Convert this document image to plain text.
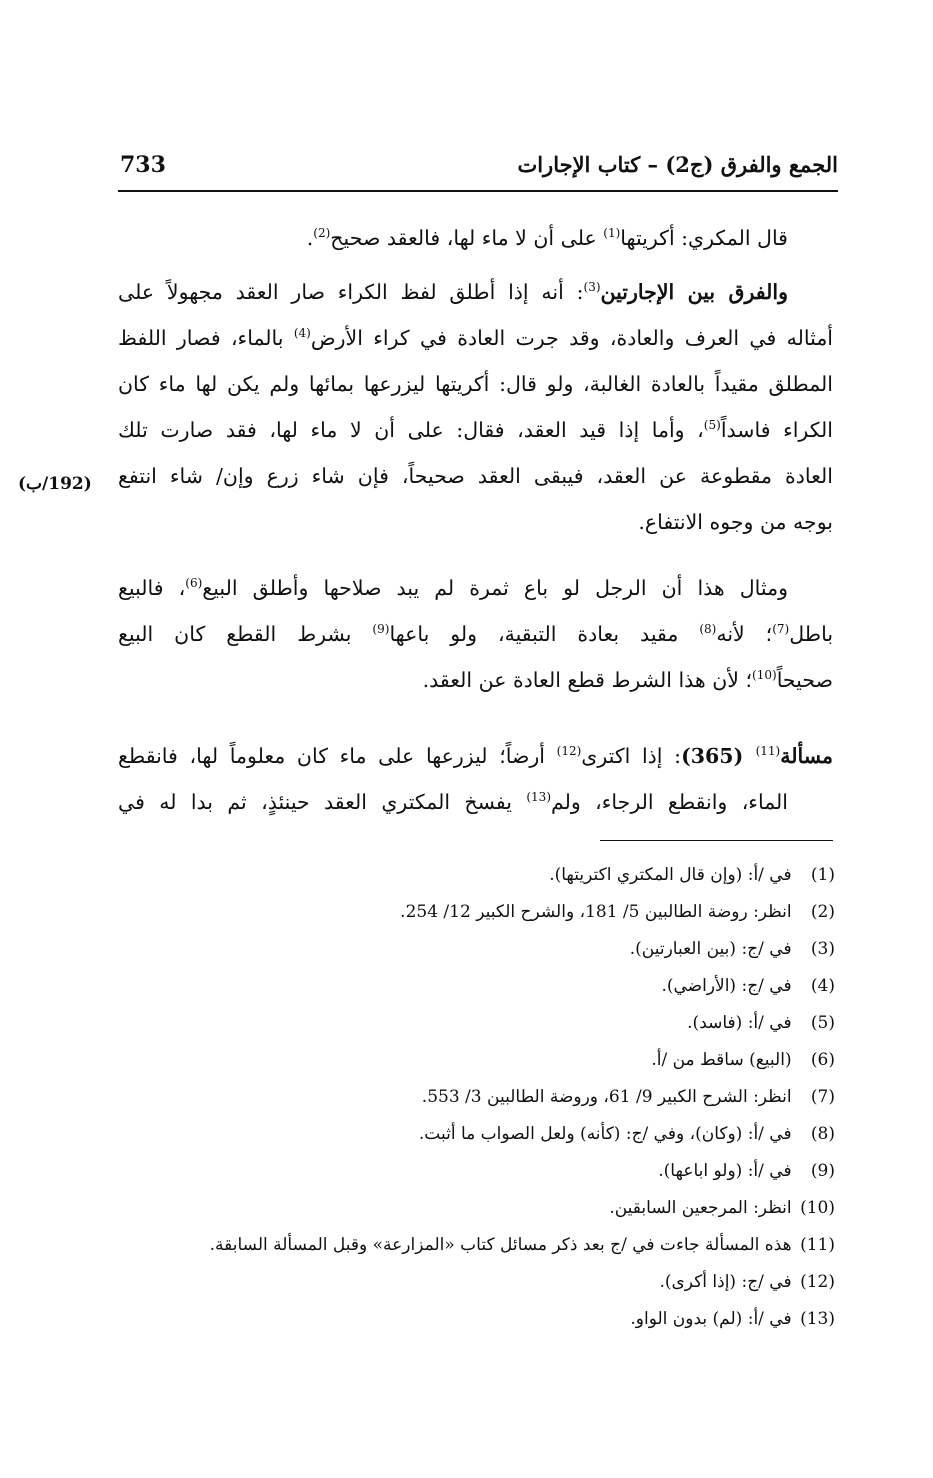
الجمع والفرق (ج2) – كتاب الإجارات
733
قال المكري: أكريتها$^{(1)}$ على أن لا ماء لها، فالعقد صحيح$^{(2)}$.
والفرق بين الإجارتين$^{(3)}$: أنه إذا أطلق لفظ الكراء صار العقد مجهولاً على
أمثاله في العرف والعادة، وقد جرت العادة في كراء الأرض$^{(4)}$ بالماء، فصار اللفظ
المطلق مقيداً بالعادة الغالبة، ولو قال: أكريتها ليزرعها بمائها ولم يكن لها ماء كان
الكراء فاسداً$^{(5)}$، وأما إذا قيد العقد، فقال: على أن لا ماء لها، فقد صارت تلك
العادة مقطوعة عن العقد، فيبقى العقد صحيحاً، فإن شاء زرع وإن/ شاء انتفع
(192/ب)
بوجه من وجوه الانتفاع.
ومثال هذا أن الرجل لو باع ثمرة لم يبد صلاحها وأطلق البيع$^{(6)}$، فالبيع
باطل$^{(7)}$؛ لأنه$^{(8)}$ مقيد بعادة التبقية، ولو باعها$^{(9)}$ بشرط القطع كان البيع
صحيحاً$^{(10)}$؛ لأن هذا الشرط قطع العادة عن العقد.
مسألة$^{(11)}$ (365): إذا اكترى$^{(12)}$ أرضاً؛ ليزرعها على ماء كان معلوماً لها، فانقطع
الماء، وانقطع الرجاء، ولم$^{(13)}$ يفسخ المكتري العقد حينئذٍ، ثم بدا له في
(1) في /أ: (وإن قال المكتري اكتريتها).
(2) انظر: روضة الطالبين 5/ 181، والشرح الكبير 12/ 254.
(3) في /ج: (بين العبارتين).
(4) في /ج: (الأراضي).
(5) في /أ: (فاسد).
(6) (البيع) ساقط من /أ.
(7) انظر: الشرح الكبير 9/ 61، وروضة الطالبين 3/ 553.
(8) في /أ: (وكان)، وفي /ج: (كأنه) ولعل الصواب ما أثبت.
(9) في /أ: (ولو اباعها).
(10) انظر: المرجعين السابقين.
(11) هذه المسألة جاءت في /ج بعد ذكر مسائل كتاب «المزارعة» وقبل المسألة السابقة.
(12) في /ج: (إذا أكرى).
(13) في /أ: (لم) بدون الواو.
